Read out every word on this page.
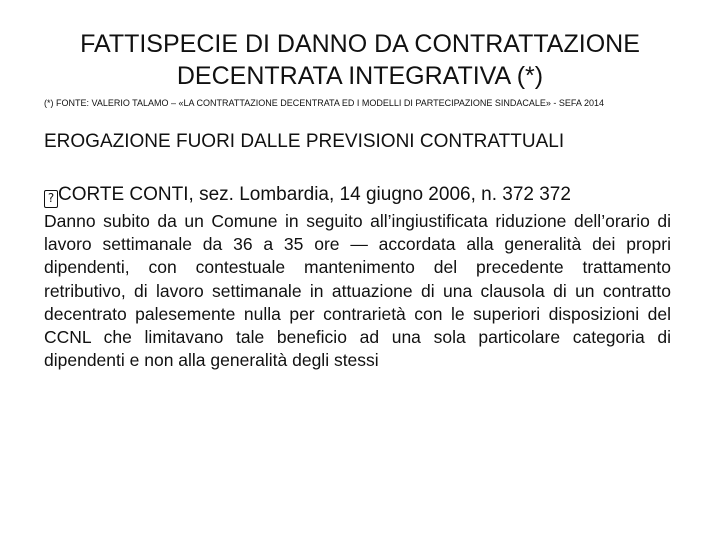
FATTISPECIE DI DANNO DA CONTRATTAZIONE
DECENTRATA INTEGRATIVA (*)
(*) FONTE: VALERIO TALAMO – «LA CONTRATTAZIONE DECENTRATA ED I MODELLI DI PARTECIPAZIONE SINDACALE» - SEFA 2014
EROGAZIONE FUORI DALLE PREVISIONI CONTRATTUALI
? CORTE CONTI, sez. Lombardia, 14 giugno 2006, n. 372 372
Danno subito da un Comune in seguito all’ingiustificata riduzione dell’orario di lavoro settimanale da 36 a 35 ore — accordata alla generalità dei propri dipendenti, con contestuale mantenimento del precedente trattamento retributivo, di lavoro settimanale in attuazione di una clausola di un contratto decentrato palesemente nulla per contrarietà con le superiori disposizioni del CCNL che limitavano tale beneficio ad una sola particolare categoria di dipendenti e non alla generalità degli stessi
